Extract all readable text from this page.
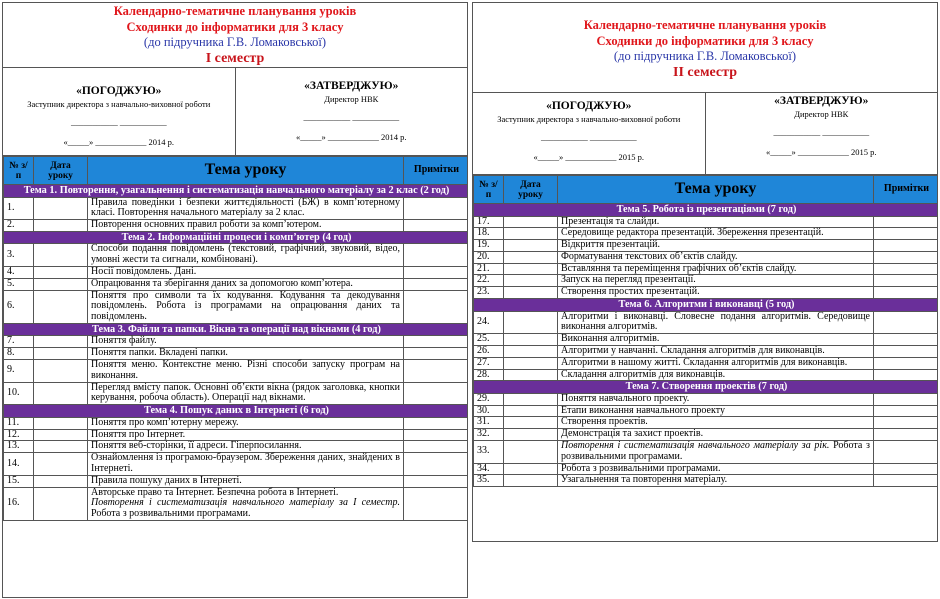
Календарно-тематичне планування уроків
Сходинки до інформатики для 3 класу
(до підручника Г.В. Ломаковської)
І семестр
«ПОГОДЖУЮ»
Заступник директора з навчально-виховної роботи
___________ ___________
«_____» ____________ 2014 р.
«ЗАТВЕРДЖУЮ»
Директор НВК
___________ ___________
«_____» ____________ 2014 р.
№ з/п	Дата уроку	Тема уроку	Примітки
Тема 1. Повторення, узагальнення і систематизація навчального матеріалу за 2 клас (2 год)			
1.		Правила поведінки і безпеки життєдіяльності (БЖ) в комп’ютерному класі. Повторення начального матеріалу за 2 клас.	
2.		Повторення основних правил роботи за комп’ютером.	
Тема 2. Інформаційні процеси і комп’ютер (4 год)			
3.		Способи подання повідомлень (текстовий, графічний, звуковий, відео, умовні жести та сигнали, комбіновані).	
4.		Носії повідомлень. Дані.	
5.		Опрацювання та зберігання даних за допомогою комп’ютера.	
6.		Поняття про символи та їх кодування. Кодування та декодування повідомлень. Робота із програмами на опрацювання даних та повідомлень.	
Тема 3. Файли та папки. Вікна та операції над вікнами (4 год)			
7.		Поняття файлу.	
8.		Поняття папки. Вкладені папки.	
9.		Поняття меню. Контекстне меню. Різні способи запуску програм на виконання.	
10.		Перегляд вмісту папок. Основні об’єкти вікна (рядок заголовка, кнопки керування, робоча область). Операції над вікнами.	
Тема 4. Пошук даних в Інтернеті (6 год)			
11.		Поняття про комп’ютерну мережу.	
12.		Поняття про Інтернет.	
13.		Поняття веб-сторінки, її адреси. Гіперпосилання.	
14.		Ознайомлення із програмою-браузером. Збереження даних, знайдених в Інтернеті.	
15.		Правила пошуку даних в Інтернеті.	
16.		Авторське право та Інтернет. Безпечна робота в Інтернеті.
Повторення і систематизація навчального матеріалу за І семестр. Робота з розвивальними програмами.	
Календарно-тематичне планування уроків
Сходинки до інформатики для 3 класу
(до підручника Г.В. Ломаковської)
ІІ семестр
«ПОГОДЖУЮ»
Заступник директора з навчально-виховної роботи
___________ ___________
«_____» ____________ 2015 р.
«ЗАТВЕРДЖУЮ»
Директор НВК
___________ ___________
«_____» ____________ 2015 р.
№ з/п	Дата уроку	Тема уроку	Примітки
Тема 5. Робота із презентаціями (7 год)			
17.		Презентація та слайди.	
18.		Середовище редактора презентацій. Збереження презентацій.	
19.		Відкриття презентацій.	
20.		Форматування текстових об’єктів слайду.	
21.		Вставляння та переміщення графічних об’єктів слайду.	
22.		Запуск на перегляд презентації.	
23.		Створення простих презентацій.	
Тема 6. Алгоритми і виконавці (5 год)			
24.		Алгоритми і виконавці. Словесне подання алгоритмів. Середовище виконання алгоритмів.	
25.		Виконання алгоритмів.	
26.		Алгоритми у навчанні. Складання алгоритмів для виконавців.	
27.		Алгоритми в нашому житті. Складання алгоритмів для виконавців.	
28.		Складання алгоритмів для виконавців.	
Тема 7. Створення проектів (7 год)			
29.		Поняття навчального проекту.	
30.		Етапи виконання навчального проекту	
31.		Створення проектів.	
32.		Демонстрація та захист проектів.	
33.		Повторення і систематизація навчального матеріалу за рік. Робота з розвивальними програмами.	
34.		Робота з розвивальними програмами.	
35.		Узагальнення та повторення матеріалу.	
